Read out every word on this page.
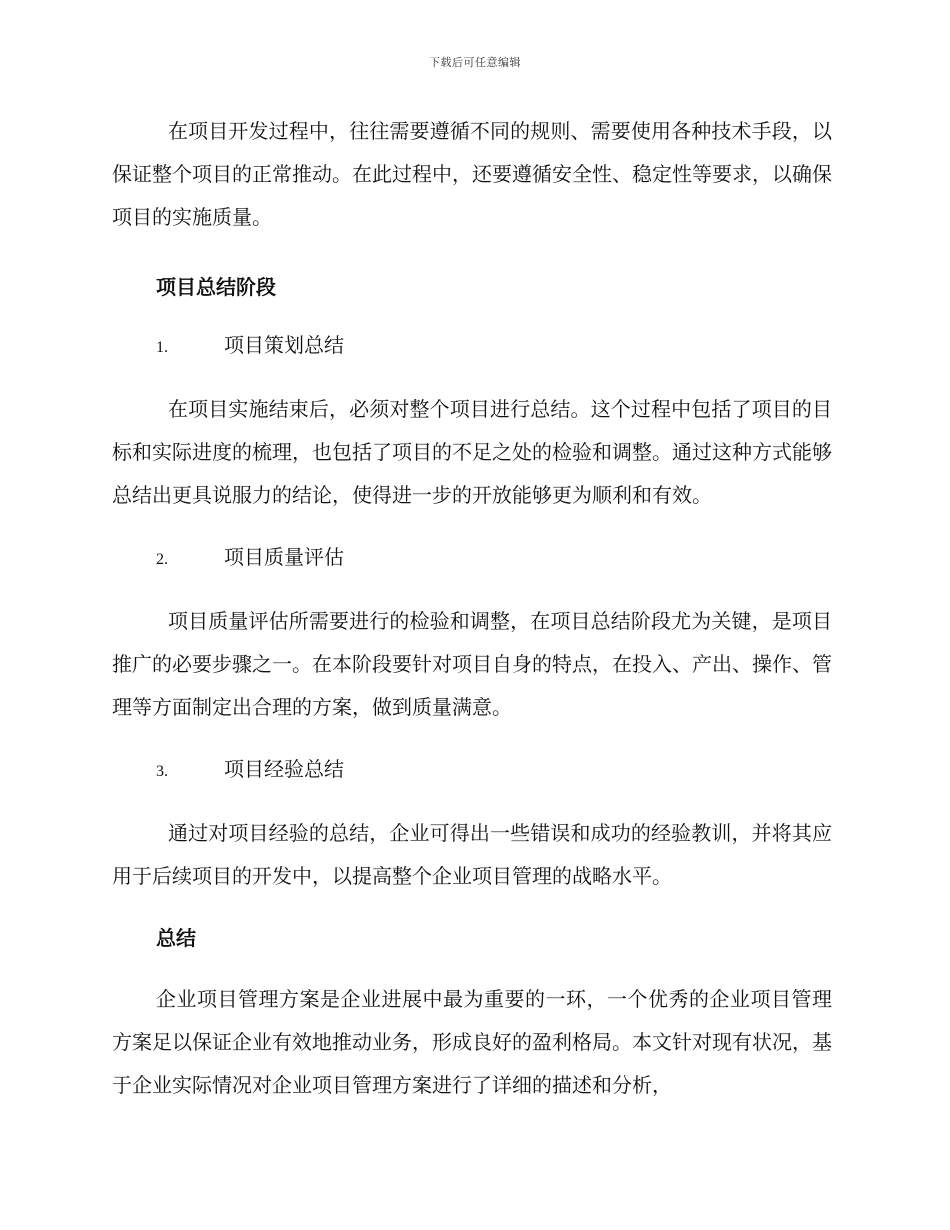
下载后可任意编辑

在项目开发过程中，往往需要遵循不同的规则、需要使用各种技术手段，以保证整个项目的正常推动。在此过程中，还要遵循安全性、稳定性等要求，以确保项目的实施质量。

项目总结阶段
1.	项目策划总结

在项目实施结束后，必须对整个项目进行总结。这个过程中包括了项目的目标和实际进度的梳理，也包括了项目的不足之处的检验和调整。通过这种方式能够总结出更具说服力的结论，使得进一步的开放能够更为顺利和有效。

2.	项目质量评估

项目质量评估所需要进行的检验和调整，在项目总结阶段尤为关键，是项目推广的必要步骤之一。在本阶段要针对项目自身的特点，在投入、产出、操作、管理等方面制定出合理的方案，做到质量满意。

3.	项目经验总结

通过对项目经验的总结，企业可得出一些错误和成功的经验教训，并将其应用于后续项目的开发中，以提高整个企业项目管理的战略水平。

总结

企业项目管理方案是企业进展中最为重要的一环，一个优秀的企业项目管理方案足以保证企业有效地推动业务，形成良好的盈利格局。本文针对现有状况，基于企业实际情况对企业项目管理方案进行了详细的描述和分析，
